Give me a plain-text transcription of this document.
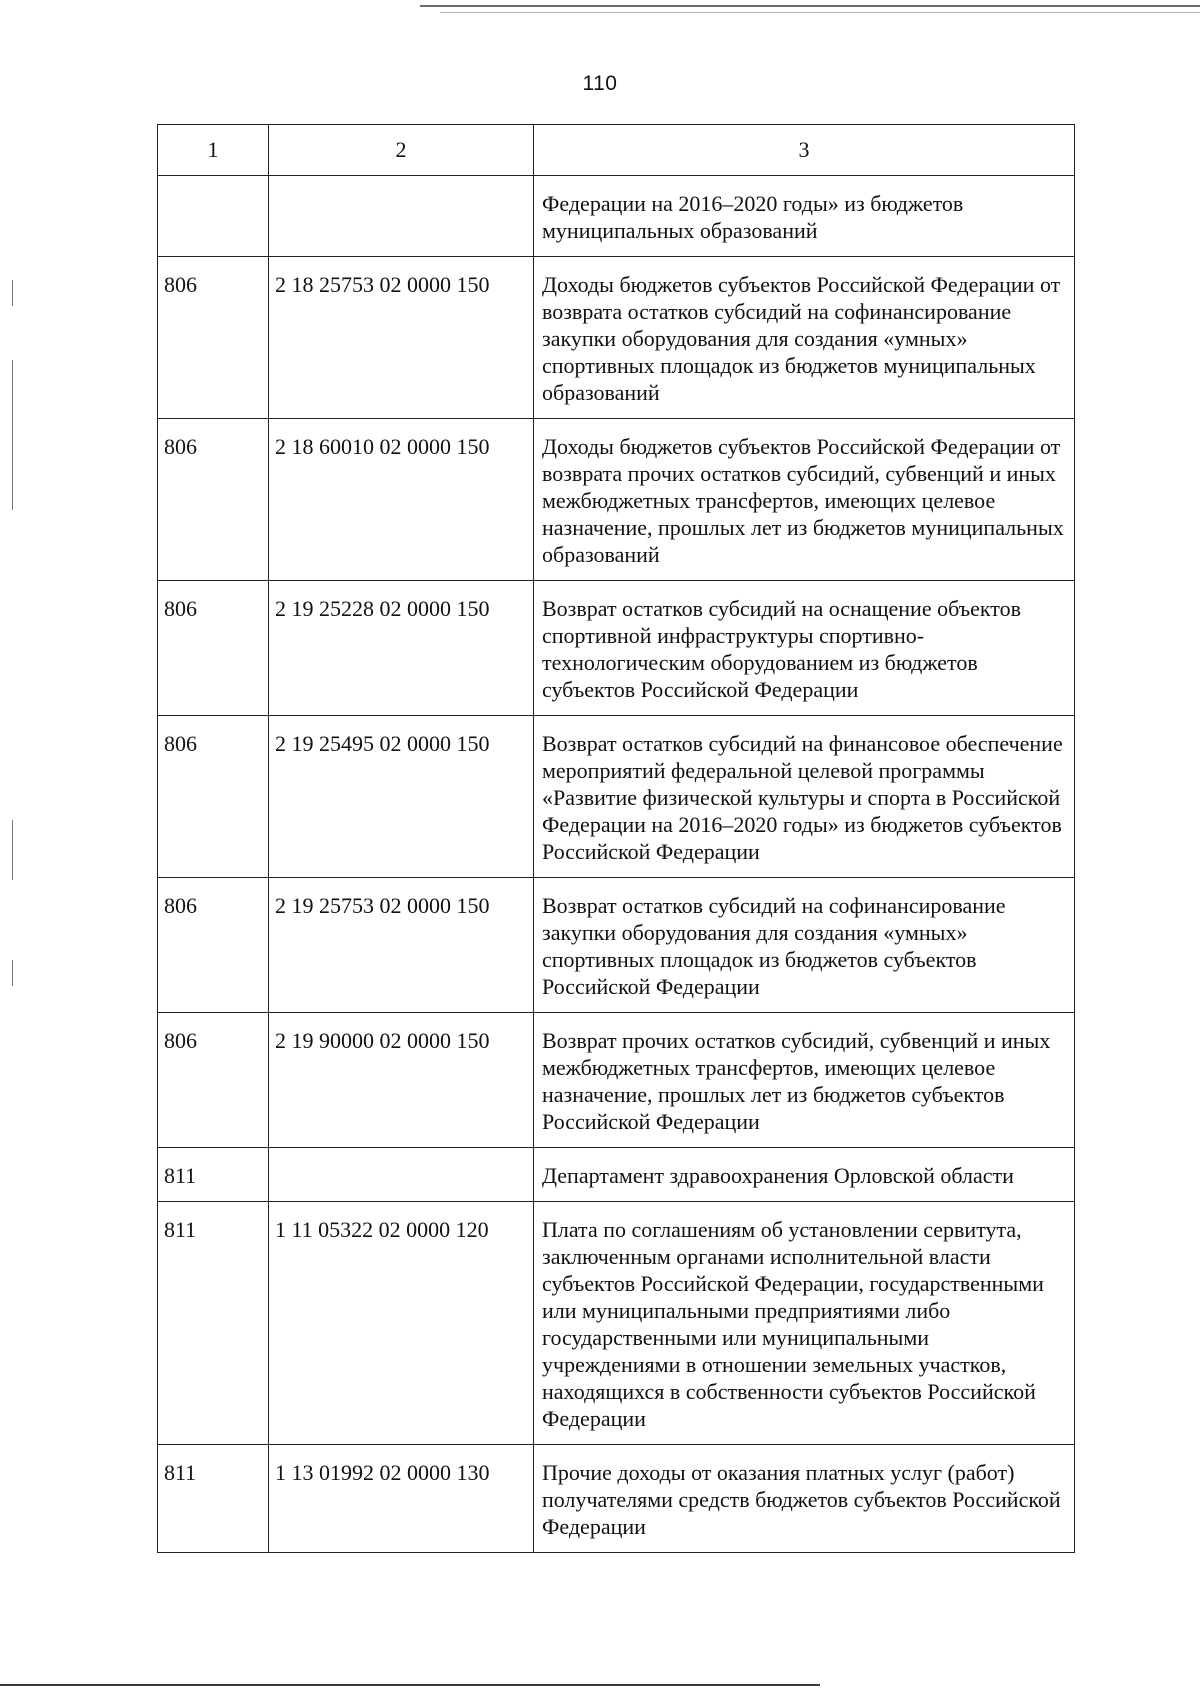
110
1	2	3
		Федерации на 2016–2020 годы» из бюджетов муниципальных образований
806	2 18 25753 02 0000 150	Доходы бюджетов субъектов Российской Федерации от возврата остатков субсидий на софинансирование закупки оборудования для создания «умных» спортивных площадок из бюджетов муниципальных образований
806	2 18 60010 02 0000 150	Доходы бюджетов субъектов Российской Федерации от возврата прочих остатков субсидий, субвенций и иных межбюджетных трансфертов, имеющих целевое назначение, прошлых лет из бюджетов муниципальных образований
806	2 19 25228 02 0000 150	Возврат остатков субсидий на оснащение объектов спортивной инфраструктуры спортивно-технологическим оборудованием из бюджетов субъектов Российской Федерации
806	2 19 25495 02 0000 150	Возврат остатков субсидий на финансовое обеспечение мероприятий федеральной целевой программы «Развитие физической культуры и спорта в Российской Федерации на 2016–2020 годы» из бюджетов субъектов Российской Федерации
806	2 19 25753 02 0000 150	Возврат остатков субсидий на софинансирование закупки оборудования для создания «умных» спортивных площадок из бюджетов субъектов Российской Федерации
806	2 19 90000 02 0000 150	Возврат прочих остатков субсидий, субвенций и иных межбюджетных трансфертов, имеющих целевое назначение, прошлых лет из бюджетов субъектов Российской Федерации
811		Департамент здравоохранения Орловской области
811	1 11 05322 02 0000 120	Плата по соглашениям об установлении сервитута, заключенным органами исполнительной власти субъектов Российской Федерации, государственными или муниципальными предприятиями либо государственными или муниципальными учреждениями в отношении земельных участков, находящихся в собственности субъектов Российской Федерации
811	1 13 01992 02 0000 130	Прочие доходы от оказания платных услуг (работ) получателями средств бюджетов субъектов Российской Федерации
